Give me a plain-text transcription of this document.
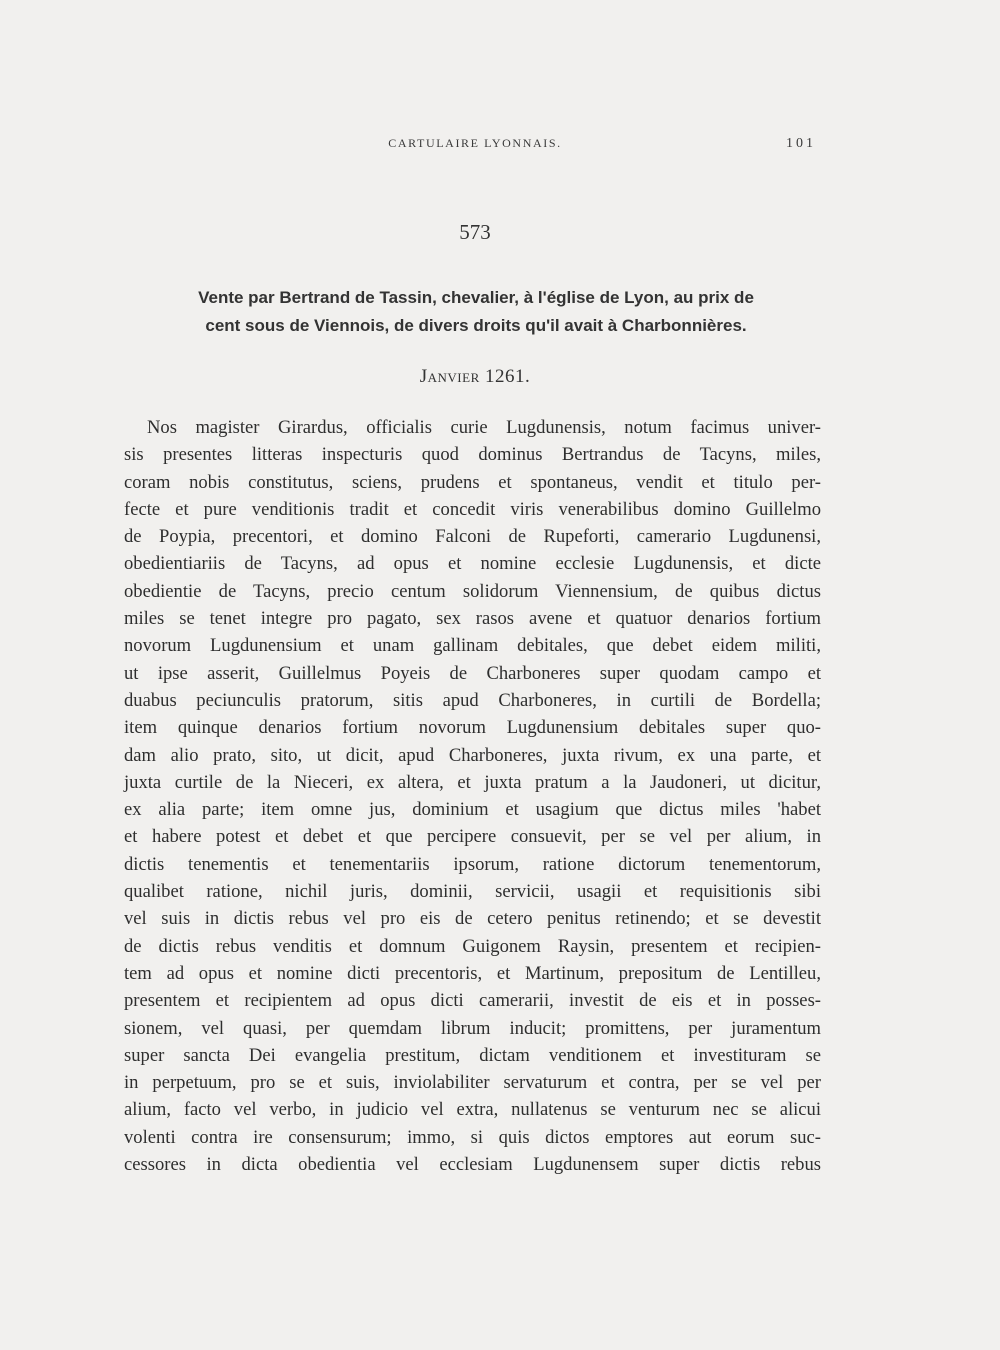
CARTULAIRE LYONNAIS.	101
573
Vente par Bertrand de Tassin, chevalier, à l'église de Lyon, au prix de
cent sous de Viennois, de divers droits qu'il avait à Charbonnières.
Janvier 1261.
Nos magister Girardus, officialis curie Lugdunensis, notum facimus univer-
sis presentes litteras inspecturis quod dominus Bertrandus de Tacyns, miles,
coram nobis constitutus, sciens, prudens et spontaneus, vendit et titulo per-
fecte et pure venditionis tradit et concedit viris venerabilibus domino Guillelmo
de Poypia, precentori, et domino Falconi de Rupeforti, camerario Lugdunensi,
obedientiariis de Tacyns, ad opus et nomine ecclesie Lugdunensis, et dicte
obedientie de Tacyns, precio centum solidorum Viennensium, de quibus dictus
miles se tenet integre pro pagato, sex rasos avene et quatuor denarios fortium
novorum Lugdunensium et unam gallinam debitales, que debet eidem militi,
ut ipse asserit, Guillelmus Poyeis de Charboneres super quodam campo et
duabus peciunculis pratorum, sitis apud Charboneres, in curtili de Bordella;
item quinque denarios fortium novorum Lugdunensium debitales super quo-
dam alio prato, sito, ut dicit, apud Charboneres, juxta rivum, ex una parte, et
juxta curtile de la Nieceri, ex altera, et juxta pratum a la Jaudoneri, ut dicitur,
ex alia parte; item omne jus, dominium et usagium que dictus miles 'habet
et habere potest et debet et que percipere consuevit, per se vel per alium, in
dictis tenementis et tenementariis ipsorum, ratione dictorum tenementorum,
qualibet ratione, nichil juris, dominii, servicii, usagii et requisitionis sibi
vel suis in dictis rebus vel pro eis de cetero penitus retinendo; et se devestit
de dictis rebus venditis et domnum Guigonem Raysin, presentem et recipien-
tem ad opus et nomine dicti precentoris, et Martinum, prepositum de Lentilleu,
presentem et recipientem ad opus dicti camerarii, investit de eis et in posses-
sionem, vel quasi, per quemdam librum inducit; promittens, per juramentum
super sancta Dei evangelia prestitum, dictam venditionem et investituram se
in perpetuum, pro se et suis, inviolabiliter servaturum et contra, per se vel per
alium, facto vel verbo, in judicio vel extra, nullatenus se venturum nec se alicui
volenti contra ire consensurum; immo, si quis dictos emptores aut eorum suc-
cessores in dicta obedientia vel ecclesiam Lugdunensem super dictis rebus
